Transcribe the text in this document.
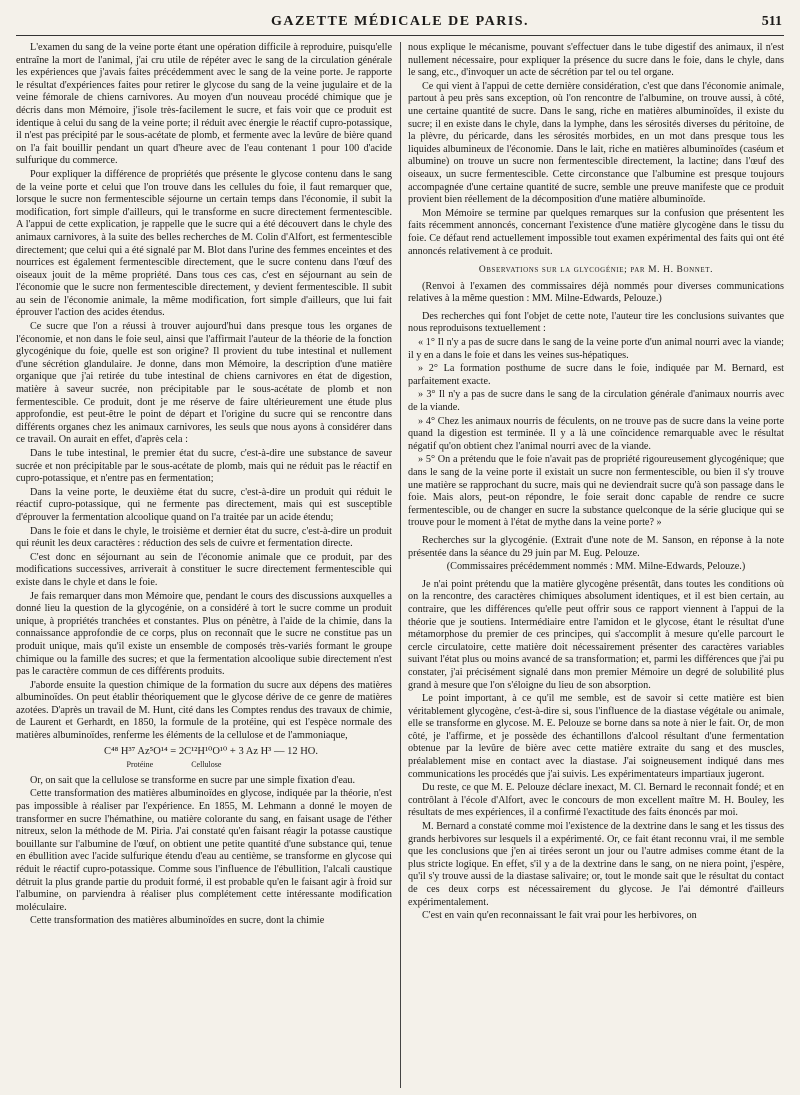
GAZETTE MÉDICALE DE PARIS.	511

L'examen du sang de la veine porte étant une opération difficile à reproduire, puisqu'elle entraîne la mort de l'animal, j'ai cru utile de répéter avec le sang de la circulation générale les expériences que j'avais faites précédemment avec le sang de la veine porte. Je rapporte le résultat d'expériences faites pour retirer le glycose du sang de la veine jugulaire et de la veine fémorale de chiens carnivores. Au moyen d'un nouveau procédé chimique que je décris dans mon Mémoire, j'isole très-facilement le sucre, et fais voir que ce produit est identique à celui du sang de la veine porte; il réduit avec énergie le réactif cupro-potassique, il n'est pas précipité par le sous-acétate de plomb, et fermente avec la levûre de bière quand on l'a fait bouillir pendant un quart d'heure avec de l'eau contenant 1 pour 100 d'acide sulfurique du commerce.

Pour expliquer la différence de propriétés que présente le glycose contenu dans le sang de la veine porte et celui que l'on trouve dans les cellules du foie, il faut remarquer que, lorsque le sucre non fermentescible séjourne un certain temps dans l'économie, il subit la modification, fort simple d'ailleurs, qui le transforme en sucre directement fermentescible. A l'appui de cette explication, je rappelle que le sucre qui a été découvert dans le chyle des animaux carnivores, à la suite des belles recherches de M. Colin d'Alfort, est fermentescible directement; que celui qui a été signalé par M. Blot dans l'urine des femmes enceintes et des nourrices est également fermentescible directement, que le sucre contenu dans l'œuf des oiseaux jouit de la même propriété. Dans tous ces cas, c'est en séjournant au sein de l'économie que le sucre non fermentescible directement, y devient fermentescible. Il subit au sein de l'économie animale, la même modification, fort simple d'ailleurs, que lui fait éprouver l'action des acides étendus.

Ce sucre que l'on a réussi à trouver aujourd'hui dans presque tous les organes de l'économie, et non dans le foie seul, ainsi que l'affirmait l'auteur de la théorie de la fonction glycogénique du foie, quelle est son origine? Il provient du tube intestinal et nullement d'une sécrétion glandulaire. Je donne, dans mon Mémoire, la description d'une matière organique que j'ai retirée du tube intestinal de chiens carnivores en état de digestion, matière à saveur sucrée, non précipitable par le sous-acétate de plomb et non fermentescible. Ce produit, dont je me réserve de faire ultérieurement une étude plus approfondie, est peut-être le point de départ et l'origine du sucre qui se rencontre dans différents organes chez les animaux carnivores, les seuls que nous ayons à considérer dans ce travail. On aurait en effet, d'après cela :

Dans le tube intestinal, le premier état du sucre, c'est-à-dire une substance de saveur sucrée et non précipitable par le sous-acétate de plomb, mais qui ne réduit pas le réactif en cupro-potassique, et n'entre pas en fermentation;

Dans la veine porte, le deuxième état du sucre, c'est-à-dire un produit qui réduit le réactif cupro-potassique, qui ne fermente pas directement, mais qui est susceptible d'éprouver la fermentation alcoolique quand on l'a traitée par un acide étendu;

Dans le foie et dans le chyle, le troisième et dernier état du sucre, c'est-à-dire un produit qui réunit les deux caractères : réduction des sels de cuivre et fermentation directe.

C'est donc en séjournant au sein de l'économie animale que ce produit, par des modifications successives, arriverait à constituer le sucre directement fermentescible qui existe dans le chyle et dans le foie.

Je fais remarquer dans mon Mémoire que, pendant le cours des discussions auxquelles a donné lieu la question de la glycogénie, on a considéré à tort le sucre comme un produit unique, à propriétés tranchées et constantes. Plus on pénètre, à l'aide de la chimie, dans la connaissance approfondie de ce corps, plus on reconnaît que le sucre ne constitue pas un produit unique, mais qu'il existe un ensemble de composés très-variés formant le groupe chimique ou la famille des sucres; et que la fermentation alcoolique subie directement n'est pas le caractère commun de ces différents produits.

J'aborde ensuite la question chimique de la formation du sucre aux dépens des matières albuminoïdes. On peut établir théoriquement que le glycose dérive de ce genre de matières azotées. D'après un travail de M. Hunt, cité dans les Comptes rendus des travaux de chimie, de Laurent et Gerhardt, en 1850, la formule de la protéine, qui est l'espèce normale des matières albuminoïdes, renferme les éléments de la cellulose et de l'ammoniaque,

C⁴⁸ H³⁷ Az⁵O¹⁴ = 2C¹²H¹⁰O¹⁰ + 3 Az H³ — 12 HO.

Protéine	Cellulose

Or, on sait que la cellulose se transforme en sucre par une simple fixation d'eau.

Cette transformation des matières albuminoïdes en glycose, indiquée par la théorie, n'est pas impossible à réaliser par l'expérience. En 1855, M. Lehmann a donné le moyen de transformer en sucre l'hémathine, ou matière colorante du sang, en faisant usage de l'éther nitreux, selon la méthode de M. Piria. J'ai constaté qu'en faisant réagir la potasse caustique bouillante sur l'albumine de l'œuf, on obtient une petite quantité d'une substance qui, tenue en ébullition avec l'acide sulfurique étendu d'eau au centième, se transforme en glycose qui réduit le réactif cupro-potassique. Comme sous l'influence de l'ébullition, l'alcali caustique détruit la plus grande partie du produit formé, il est probable qu'en le faisant agir à froid sur l'albumine, on parviendra à réaliser plus complétement cette intéressante modification moléculaire.

Cette transformation des matières albuminoïdes en sucre, dont la chimie

nous explique le mécanisme, pouvant s'effectuer dans le tube digestif des animaux, il n'est nullement nécessaire, pour expliquer la présence du sucre dans le foie, dans le chyle, dans le sang, etc., d'invoquer un acte de sécrétion par tel ou tel organe.

Ce qui vient à l'appui de cette dernière considération, c'est que dans l'économie animale, partout à peu près sans exception, où l'on rencontre de l'albumine, on trouve aussi, à côté, une certaine quantité de sucre. Dans le sang, riche en matières albuminoïdes, il existe du sucre; il en existe dans le chyle, dans la lymphe, dans les sérosités diverses du péritoine, de la plèvre, du péricarde, dans les sérosités morbides, en un mot dans presque tous les liquides albumineux de l'économie. Dans le lait, riche en matières albuminoïdes (caséum et albumine) on trouve un sucre non fermentescible directement, la lactine; dans l'œuf des oiseaux, un sucre fermentescible. Cette circonstance que l'albumine est presque toujours accompagnée d'une certaine quantité de sucre, semble une preuve manifeste que ce produit provient bien réellement de la décomposition d'une matière albuminoïde.

Mon Mémoire se termine par quelques remarques sur la confusion que présentent les faits récemment annoncés, concernant l'existence d'une matière glycogène dans le tissu du foie. Ce défaut rend actuellement impossible tout examen expérimental des faits qui ont été annoncés relativement à ce produit.

Observations sur la glycogénie; par M. H. Bonnet.

(Renvoi à l'examen des commissaires déjà nommés pour diverses communications relatives à la même question : MM. Milne-Edwards, Pelouze.)

Des recherches qui font l'objet de cette note, l'auteur tire les conclusions suivantes que nous reproduisons textuellement :

« 1° Il n'y a pas de sucre dans le sang de la veine porte d'un animal nourri avec la viande; il y en a dans le foie et dans les veines sus-hépatiques.

» 2° La formation posthume de sucre dans le foie, indiquée par M. Bernard, est parfaitement exacte.

» 3° Il n'y a pas de sucre dans le sang de la circulation générale d'animaux nourris avec de la viande.

» 4° Chez les animaux nourris de féculents, on ne trouve pas de sucre dans la veine porte quand la digestion est terminée. Il y a là une coïncidence remarquable avec le résultat négatif qu'on obtient chez l'animal nourri avec de la viande.

» 5° On a prétendu que le foie n'avait pas de propriété rigoureusement glycogénique; que dans le sang de la veine porte il existait un sucre non fermentescible, ou bien il s'y trouve une matière se rapprochant du sucre, mais qui ne deviendrait sucre qu'à son passage dans le foie. Mais alors, peut-on répondre, le foie serait donc capable de rendre ce sucre fermentescible, ou de changer en sucre la substance quelconque de la série glucique qui se trouve pour le moment à l'état de mythe dans la veine porte? »

Recherches sur la glycogénie. (Extrait d'une note de M. Sanson, en réponse à la note présentée dans la séance du 29 juin par M. Eug. Pelouze.

(Commissaires précédemment nommés : MM. Milne-Edwards, Pelouze.)

Je n'ai point prétendu que la matière glycogène présentât, dans toutes les conditions où on la rencontre, des caractères chimiques absolument identiques, et il est bien certain, au contraire, que les différences qu'elle peut offrir sous ce rapport viennent à l'appui de la théorie que je soutiens. Intermédiaire entre l'amidon et le glycose, étant le résultat d'une métamorphose du premier de ces principes, qui s'accomplit à mesure qu'elle parcourt le cercle circulatoire, cette matière doit nécessairement présenter des caractères variables suivant l'état plus ou moins avancé de sa transformation; et, parmi les différences que j'ai pu constater, j'ai précisément signalé dans mon premier Mémoire un degré de solubilité plus grand à mesure que l'on s'éloigne du lieu de son absorption.

Le point important, à ce qu'il me semble, est de savoir si cette matière est bien véritablement glycogène, c'est-à-dire si, sous l'influence de la diastase végétale ou animale, elle se transforme en glycose. M. E. Pelouze se borne dans sa note à nier le fait. Or, de mon côté, je l'affirme, et je possède des échantillons d'alcool résultant d'une fermentation obtenue par la levûre de bière avec cette matière extraite du sang et des muscles, préalablement mise en contact avec la diastase. J'ai soigneusement indiqué dans mes communications les procédés que j'ai suivis. Les expérimentateurs impartiaux jugeront.

Du reste, ce que M. E. Pelouze déclare inexact, M. Cl. Bernard le reconnait fondé; et en contrôlant à l'école d'Alfort, avec le concours de mon excellent maître M. H. Bouley, les résultats de mes expériences, il a confirmé l'exactitude des faits énoncés par moi.

M. Bernard a constaté comme moi l'existence de la dextrine dans le sang et les tissus des grands herbivores sur lesquels il a expérimenté. Or, ce fait étant reconnu vrai, il me semble que les conclusions que j'en ai tirées seront un jour ou l'autre admises comme étant de la plus stricte logique. En effet, s'il y a de la dextrine dans le sang, on ne niera point, j'espère, qu'il s'y trouve aussi de la diastase salivaire; or, tout le monde sait que le résultat du contact de ces deux corps est nécessairement du glycose. Je l'ai démontré d'ailleurs expérimentalement.

C'est en vain qu'en reconnaissant le fait vrai pour les herbivores, on
